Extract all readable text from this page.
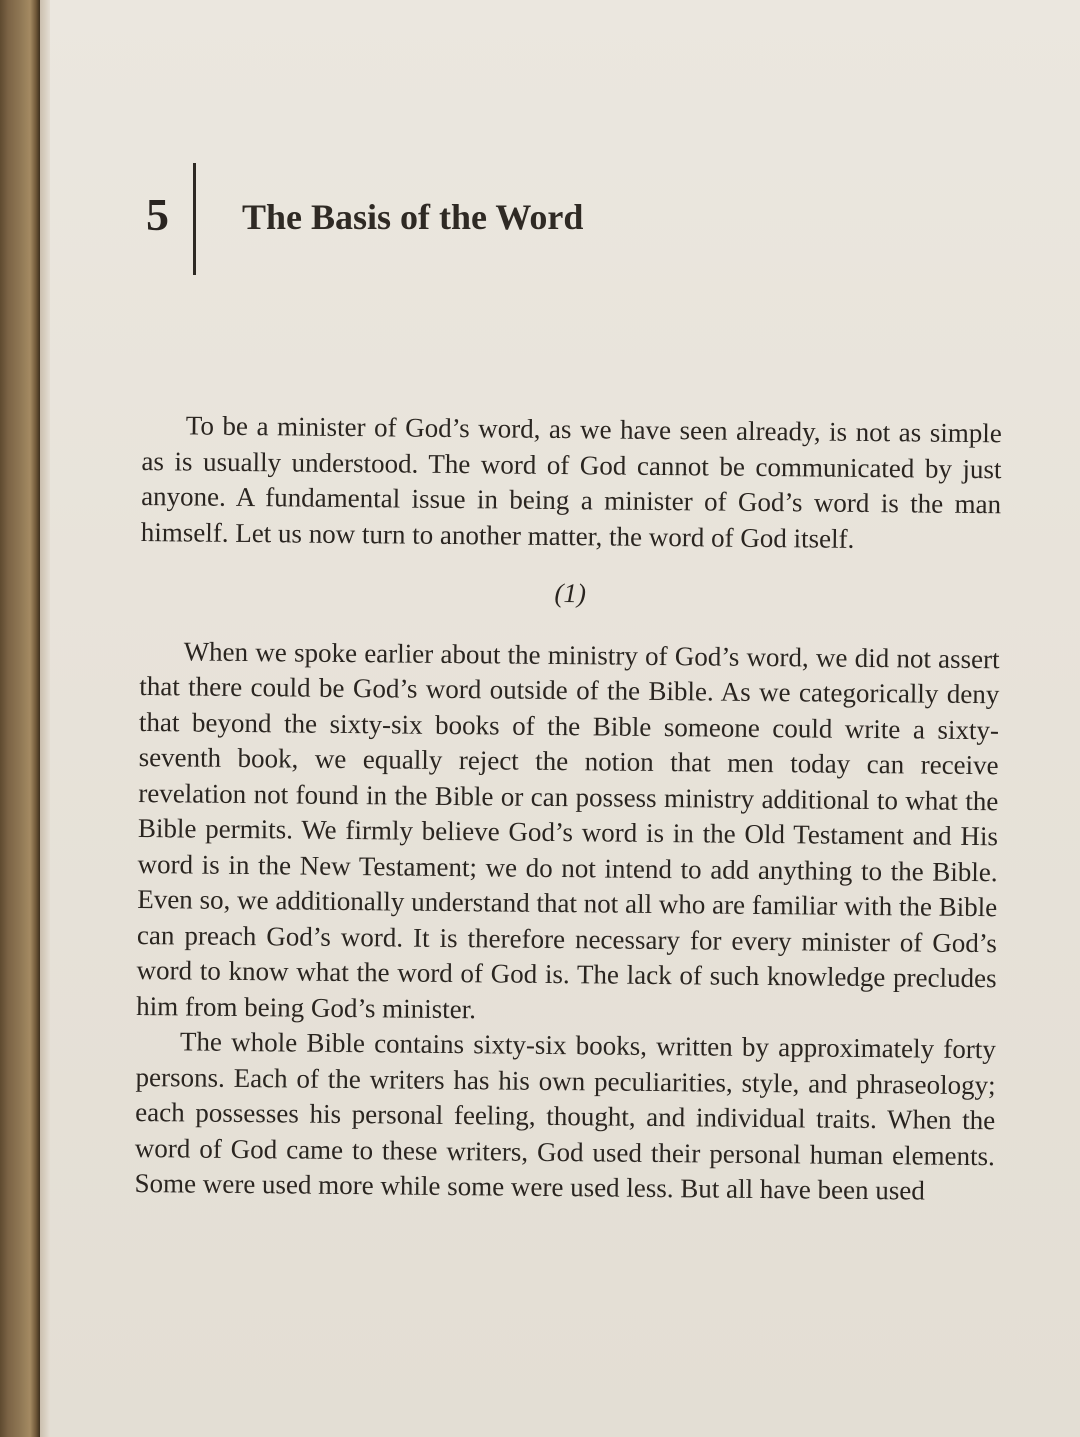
5 The Basis of the Word

To be a minister of God’s word, as we have seen already, is not as simple as is usually understood. The word of God cannot be communicated by just anyone. A fundamental issue in being a minister of God’s word is the man himself. Let us now turn to another matter, the word of God itself.

(1)

When we spoke earlier about the ministry of God’s word, we did not assert that there could be God’s word outside of the Bible. As we categorically deny that beyond the sixty-six books of the Bible someone could write a sixty-seventh book, we equally reject the notion that men today can receive revelation not found in the Bible or can possess ministry additional to what the Bible permits. We firmly believe God’s word is in the Old Testament and His word is in the New Testament; we do not intend to add anything to the Bible. Even so, we additionally understand that not all who are familiar with the Bible can preach God’s word. It is therefore necessary for every minister of God’s word to know what the word of God is. The lack of such knowledge precludes him from being God’s minister.

The whole Bible contains sixty-six books, written by approximately forty persons. Each of the writers has his own peculiarities, style, and phraseology; each possesses his personal feeling, thought, and individual traits. When the word of God came to these writers, God used their personal human elements. Some were used more while some were used less. But all have been used
